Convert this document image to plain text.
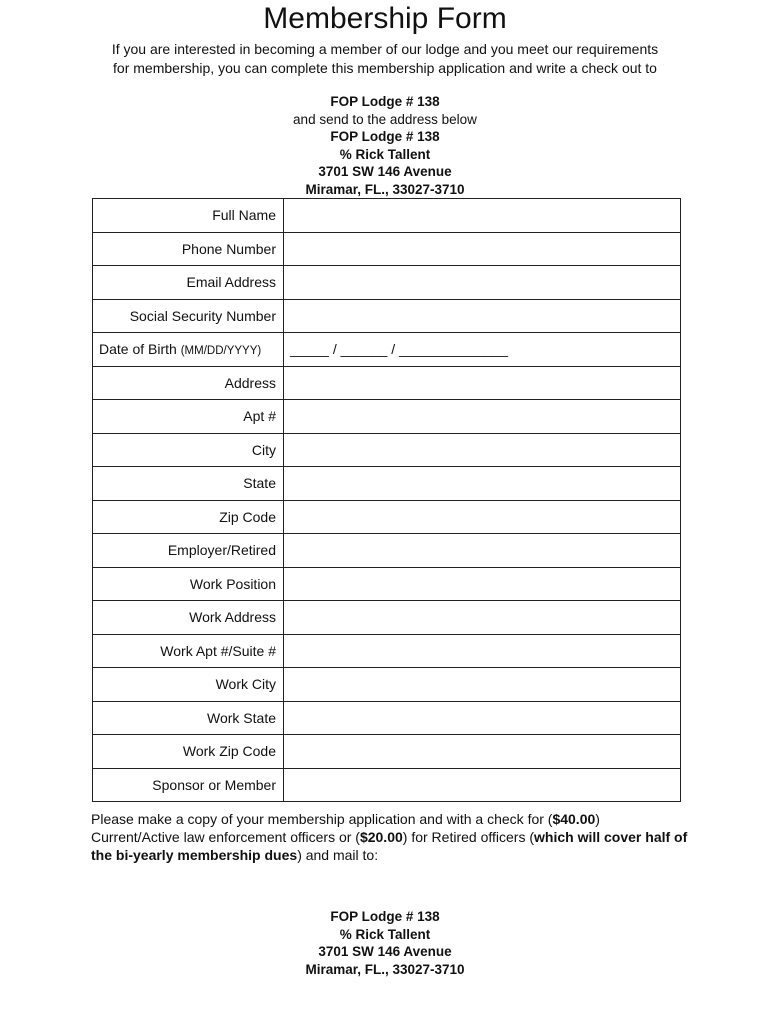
Membership Form
If you are interested in becoming a member of our lodge and you meet our requirements
for membership, you can complete this membership application and write a check out to
FOP Lodge # 138
and send to the address below
FOP Lodge # 138
% Rick Tallent
3701 SW 146 Avenue
Miramar, FL., 33027-3710
Full Name	
Phone Number	
Email Address	
Social Security Number	
Date of Birth (MM/DD/YYYY)	_____ / ______ / ______________
Address	
Apt #	
City	
State	
Zip Code	
Employer/Retired	
Work Position	
Work Address	
Work Apt #/Suite #	
Work City	
Work State	
Work Zip Code	
Sponsor or Member	
Please make a copy of your membership application and with a check for ($40.00) Current/Active law enforcement officers or ($20.00) for Retired officers (which will cover half of the bi-yearly membership dues) and mail to:
FOP Lodge # 138
% Rick Tallent
3701 SW 146 Avenue
Miramar, FL., 33027-3710
